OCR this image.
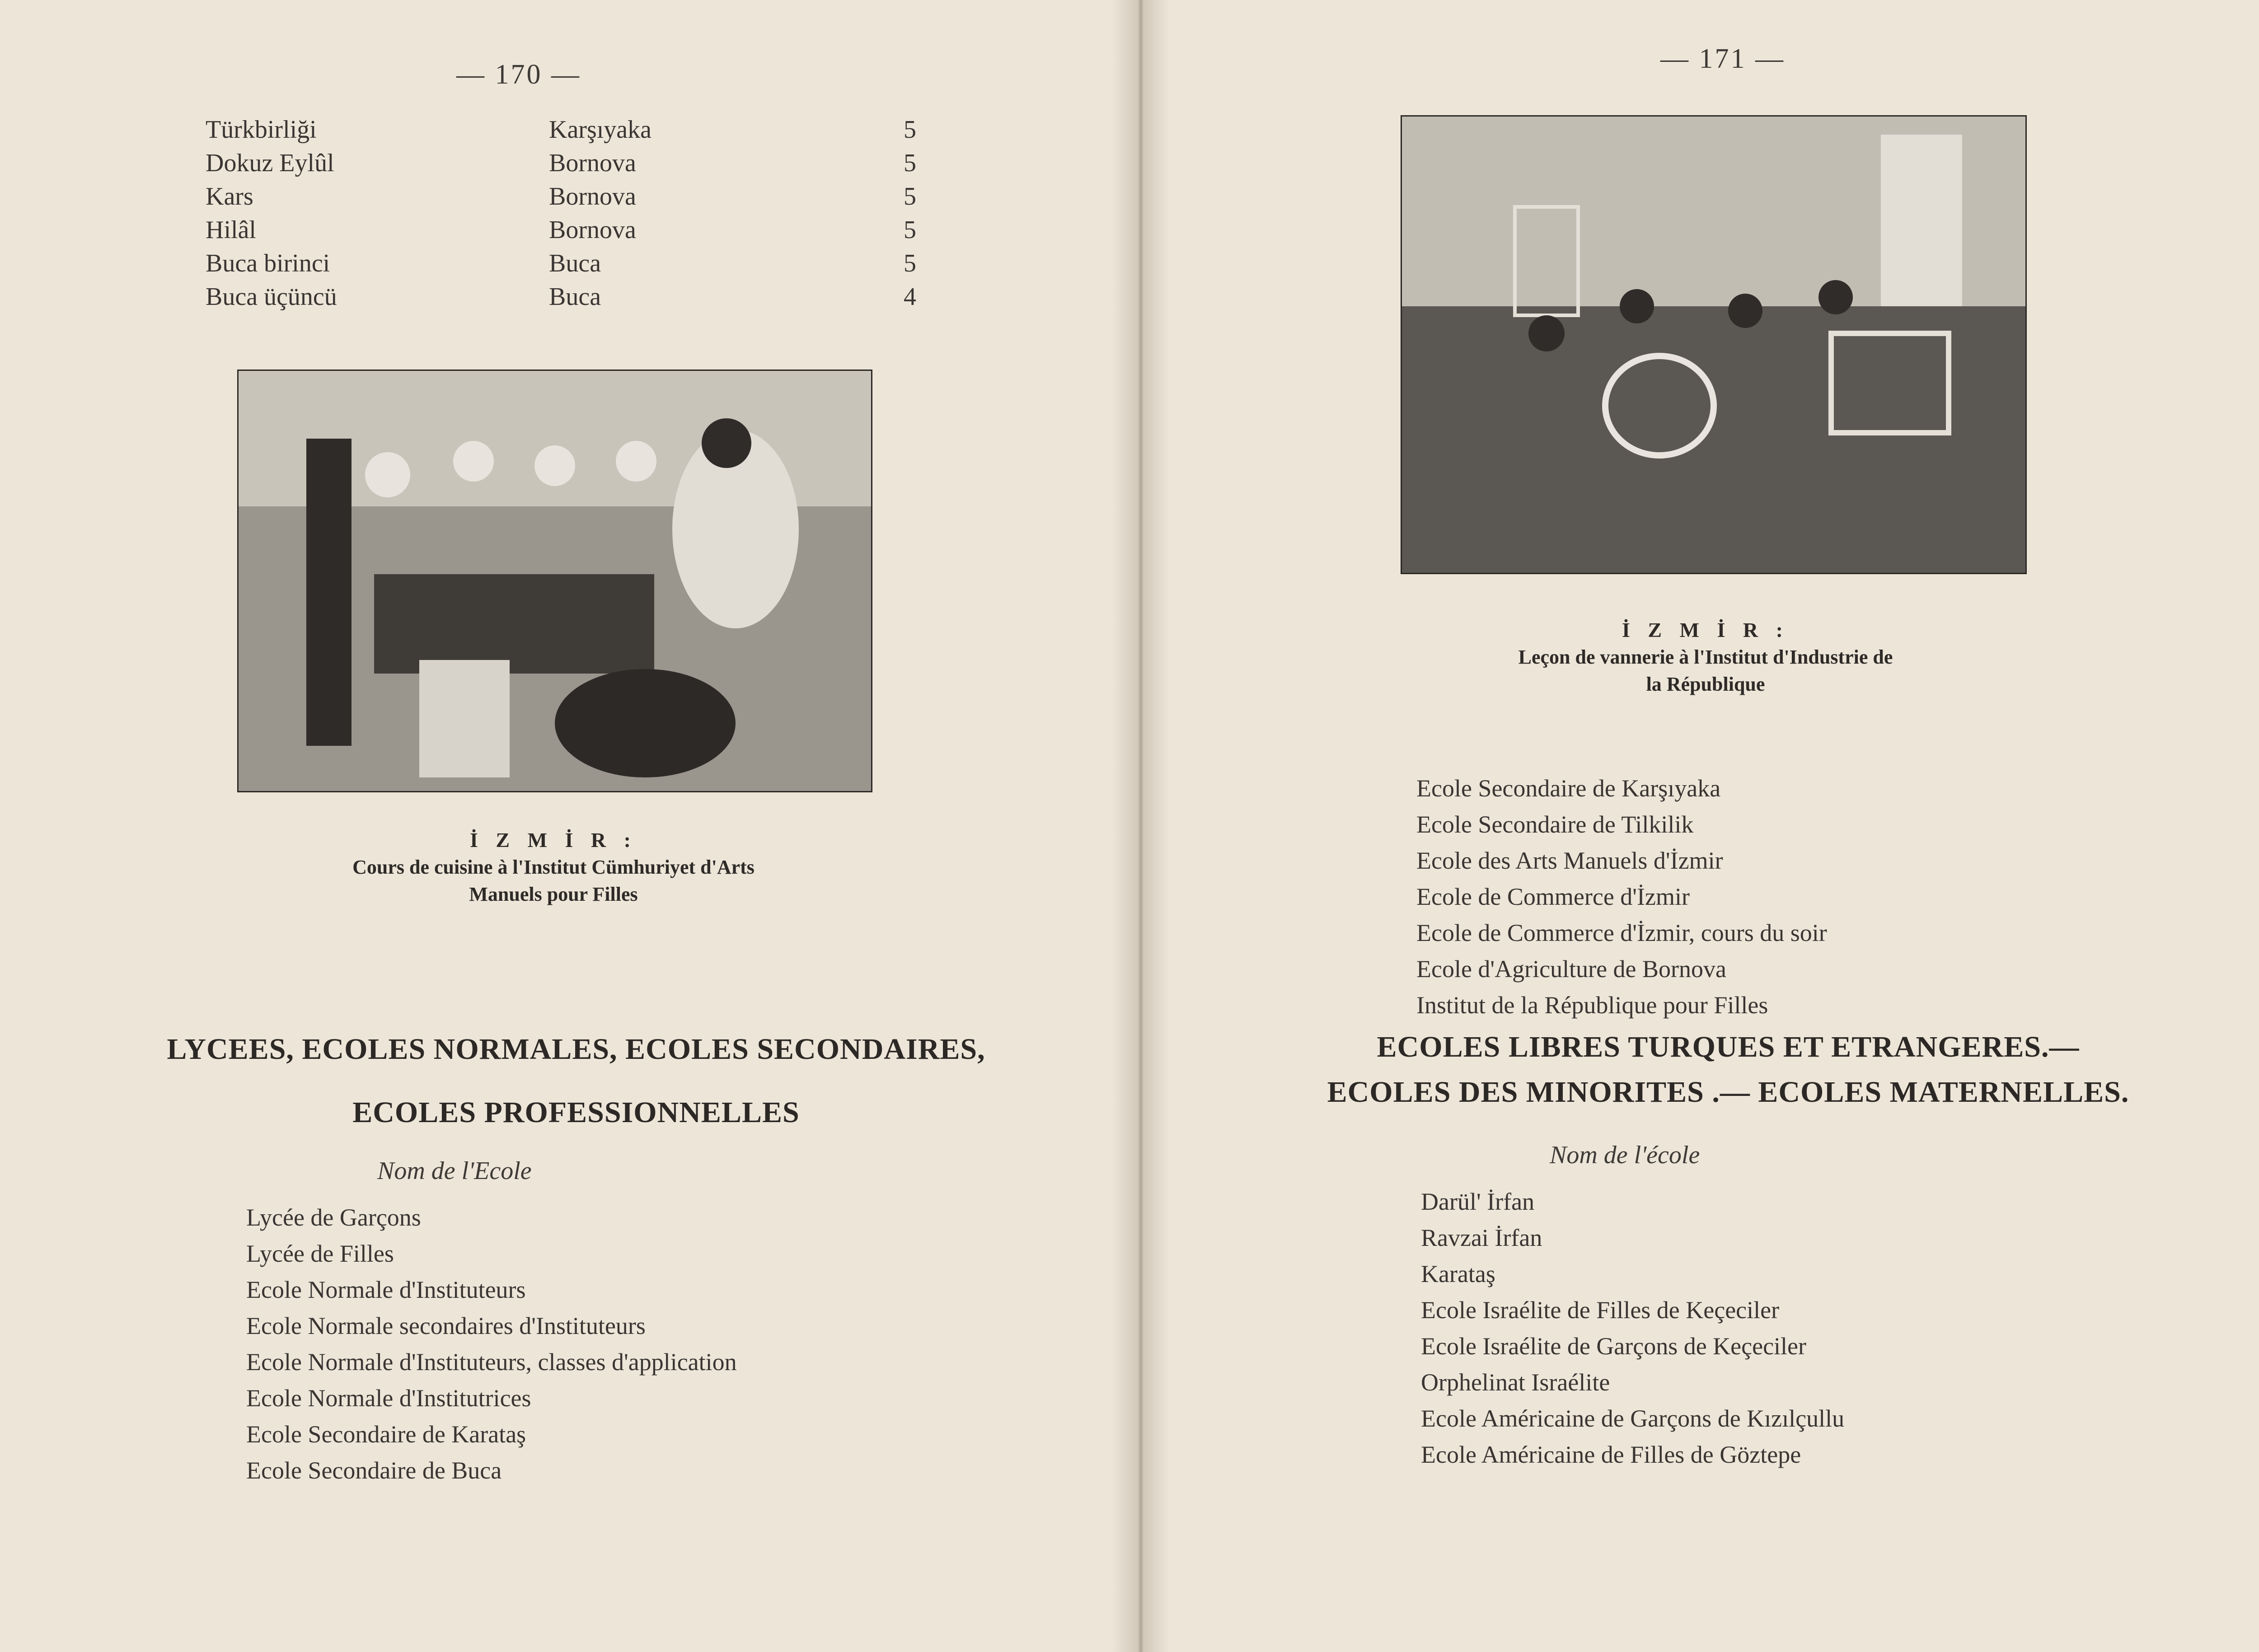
— 170 —
Türkbirliği	Karşıyaka	5
Dokuz Eylûl	Bornova	5
Kars	Bornova	5
Hilâl	Bornova	5
Buca birinci	Buca	5
Buca üçüncü	Buca	4
İ Z M İ R :
Cours de cuisine à l'Institut Cümhuriyet d'Arts
Manuels pour Filles
LYCEES, ECOLES NORMALES, ECOLES SECONDAIRES,
ECOLES PROFESSIONNELLES
Nom de l'Ecole
Lycée de Garçons
Lycée de Filles
Ecole Normale d'Instituteurs
Ecole Normale secondaires d'Instituteurs
Ecole Normale d'Instituteurs, classes d'application
Ecole Normale d'Institutrices
Ecole Secondaire de Karataş
Ecole Secondaire de Buca
— 171 —
İ Z M İ R :
Leçon de vannerie à l'Institut d'Industrie de
la République
Ecole Secondaire de Karşıyaka
Ecole Secondaire de Tilkilik
Ecole des Arts Manuels d'İzmir
Ecole de Commerce d'İzmir
Ecole de Commerce d'İzmir, cours du soir
Ecole d'Agriculture de Bornova
Institut de la République pour Filles
ECOLES LIBRES TURQUES ET ETRANGERES.—
ECOLES DES MINORITES .— ECOLES MATERNELLES.
Nom de l'école
Darül' İrfan
Ravzai İrfan
Karataş
Ecole Israélite de Filles de Keçeciler
Ecole Israélite de Garçons de Keçeciler
Orphelinat Israélite
Ecole Américaine de Garçons de Kızılçullu
Ecole Américaine de Filles de Göztepe
